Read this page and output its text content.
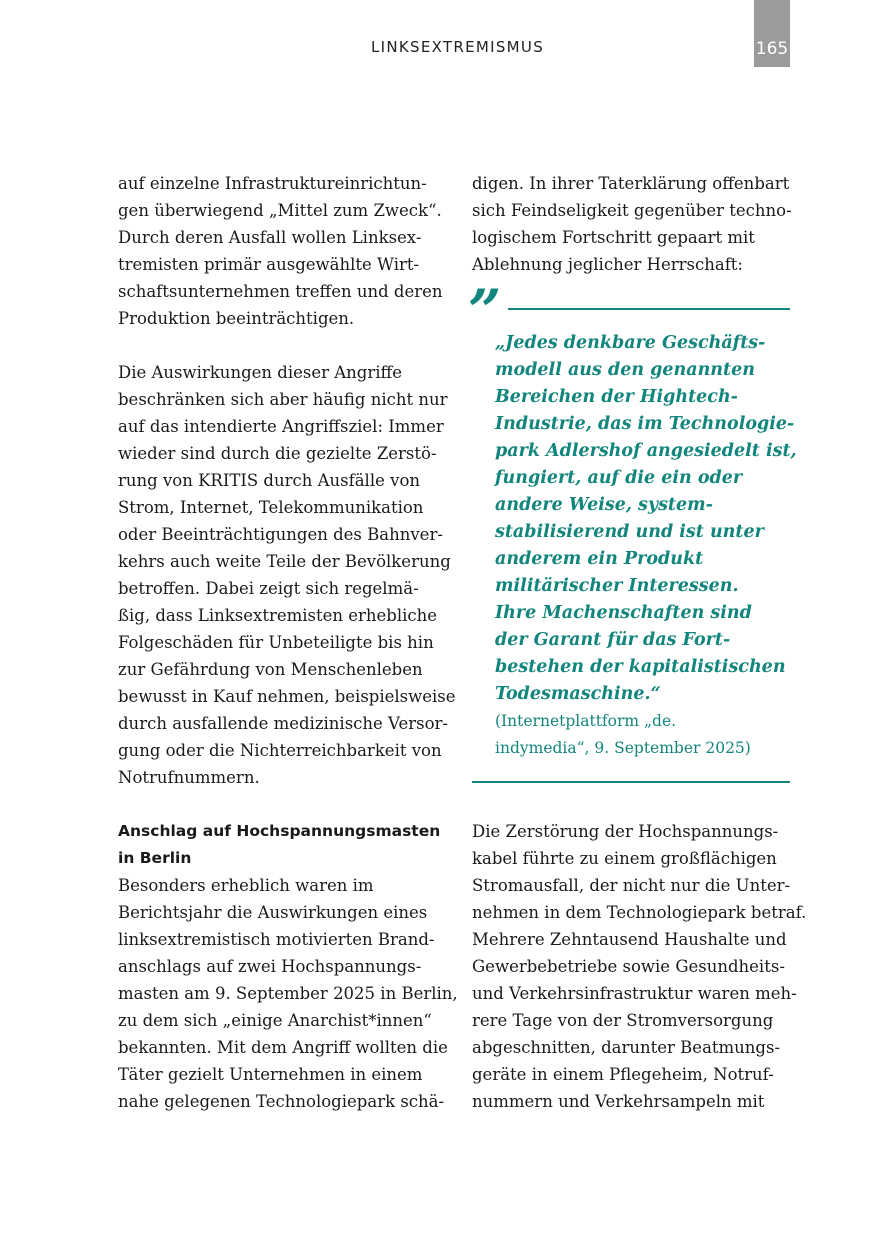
LINKSEXTREMISMUS	165
auf einzelne Infrastruktureinrichtun-
gen überwiegend „Mittel zum Zweck“.
Durch deren Ausfall wollen Linksex-
tremisten primär ausgewählte Wirt-
schaftsunternehmen treffen und deren
Produktion beeinträchtigen.
Die Auswirkungen dieser Angriffe
beschränken sich aber häufig nicht nur
auf das intendierte Angriffsziel: Immer
wieder sind durch die gezielte Zerstö-
rung von KRITIS durch Ausfälle von
Strom, Internet, Telekommunikation
oder Beeinträchtigungen des Bahnver-
kehrs auch weite Teile der Bevölkerung
betroffen. Dabei zeigt sich regelmä-
ßig, dass Linksextremisten erhebliche
Folgeschäden für Unbeteiligte bis hin
zur Gefährdung von Menschenleben
bewusst in Kauf nehmen, beispielsweise
durch ausfallende medizinische Versor-
gung oder die Nichterreichbarkeit von
Notrufnummern.
digen. In ihrer Taterklärung offenbart
sich Feindseligkeit gegenüber techno-
logischem Fortschritt gepaart mit
Ablehnung jeglicher Herrschaft:
”
„Jedes denkbare Geschäfts-
modell aus den genannten
Bereichen der Hightech-
Industrie, das im Technologie-
park Adlershof angesiedelt ist,
fungiert, auf die ein oder
andere Weise, system-
stabilisierend und ist unter
anderem ein Produkt
militärischer Interessen.
Ihre Machenschaften sind
der Garant für das Fort-
bestehen der kapitalistischen
Todesmaschine.“
(Internetplattform „de.
indymedia“, 9. September 2025)
Anschlag auf Hochspannungsmasten
in Berlin
Besonders erheblich waren im
Berichtsjahr die Auswirkungen eines
linksextremistisch motivierten Brand-
anschlags auf zwei Hochspannungs-
masten am 9. September 2025 in Berlin,
zu dem sich „einige Anarchist*innen“
bekannten. Mit dem Angriff wollten die
Täter gezielt Unternehmen in einem
nahe gelegenen Technologiepark schä-
Die Zerstörung der Hochspannungs-
kabel führte zu einem großflächigen
Stromausfall, der nicht nur die Unter-
nehmen in dem Technologiepark betraf.
Mehrere Zehntausend Haushalte und
Gewerbebetriebe sowie Gesundheits-
und Verkehrsinfrastruktur waren meh-
rere Tage von der Stromversorgung
abgeschnitten, darunter Beatmungs-
geräte in einem Pflegeheim, Notruf-
nummern und Verkehrsampeln mit
